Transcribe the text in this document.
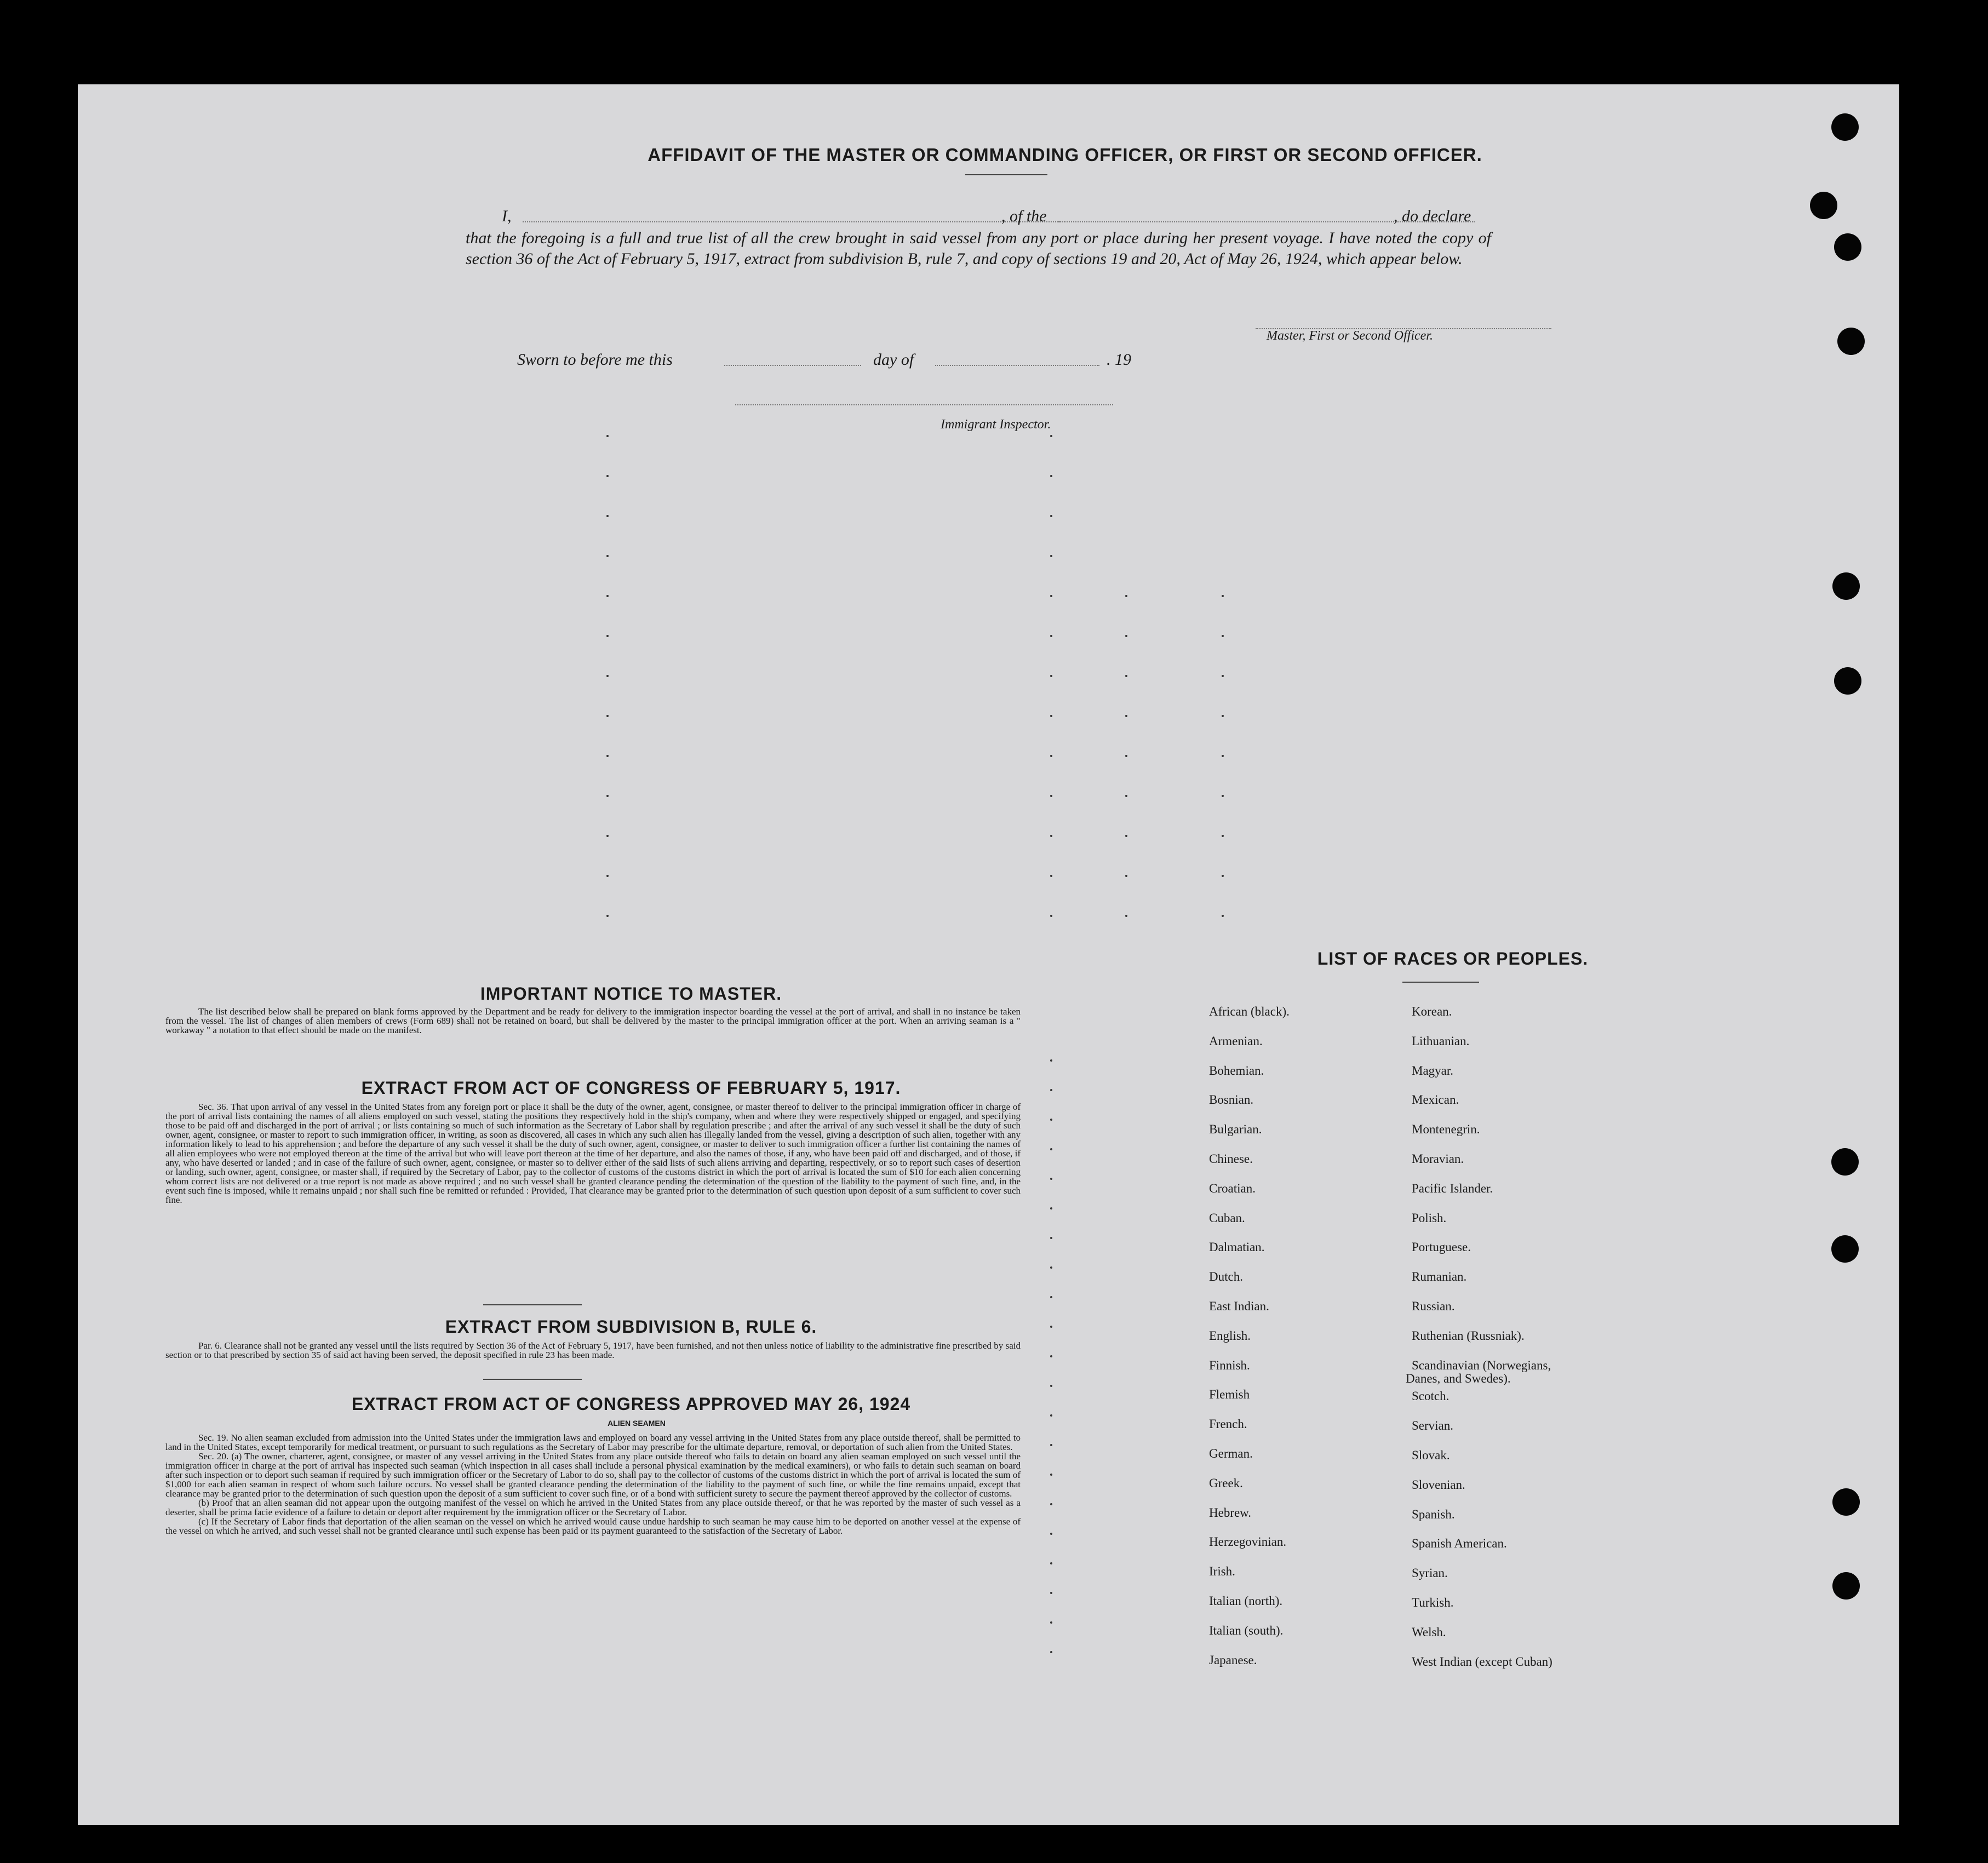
AFFIDAVIT OF THE MASTER OR COMMANDING OFFICER, OR FIRST OR SECOND OFFICER.
I,	, of the	, do declare
that the foregoing is a full and true list of all the crew brought in said vessel from any port or place during her present voyage. I have noted the copy of section 36 of the Act of February 5, 1917, extract from subdivision B, rule 7, and copy of sections 19 and 20, Act of May 26, 1924, which appear below.
Master, First or Second Officer.
Sworn to before me this	day of	. 19
Immigrant Inspector.
IMPORTANT NOTICE TO MASTER.
The list described below shall be prepared on blank forms approved by the Department and be ready for delivery to the immigration inspector boarding the vessel at the port of arrival, and shall in no instance be taken from the vessel. The list of changes of alien members of crews (Form 689) shall not be retained on board, but shall be delivered by the master to the principal immigration officer at the port. When an arriving seaman is a " workaway " a notation to that effect should be made on the manifest.
EXTRACT FROM ACT OF CONGRESS OF FEBRUARY 5, 1917.
Sec. 36. That upon arrival of any vessel in the United States from any foreign port or place it shall be the duty of the owner, agent, consignee, or master thereof to deliver to the principal immigration officer in charge of the port of arrival lists containing the names of all aliens employed on such vessel, stating the positions they respectively hold in the ship's company, when and where they were respectively shipped or engaged, and specifying those to be paid off and discharged in the port of arrival ; or lists containing so much of such information as the Secretary of Labor shall by regulation prescribe ; and after the arrival of any such vessel it shall be the duty of such owner, agent, consignee, or master to report to such immigration officer, in writing, as soon as discovered, all cases in which any such alien has illegally landed from the vessel, giving a description of such alien, together with any information likely to lead to his apprehension ; and before the departure of any such vessel it shall be the duty of such owner, agent, consignee, or master to deliver to such immigration officer a further list containing the names of all alien employees who were not employed thereon at the time of the arrival but who will leave port thereon at the time of her departure, and also the names of those, if any, who have been paid off and discharged, and of those, if any, who have deserted or landed ; and in case of the failure of such owner, agent, consignee, or master so to deliver either of the said lists of such aliens arriving and departing, respectively, or so to report such cases of desertion or landing, such owner, agent, consignee, or master shall, if required by the Secretary of Labor, pay to the collector of customs of the customs district in which the port of arrival is located the sum of $10 for each alien concerning whom correct lists are not delivered or a true report is not made as above required ; and no such vessel shall be granted clearance pending the determination of the question of the liability to the payment of such fine, and, in the event such fine is imposed, while it remains unpaid ; nor shall such fine be remitted or refunded : Provided, That clearance may be granted prior to the determination of such question upon deposit of a sum sufficient to cover such fine.
EXTRACT FROM SUBDIVISION B, RULE 6.
Par. 6. Clearance shall not be granted any vessel until the lists required by Section 36 of the Act of February 5, 1917, have been furnished, and not then unless notice of liability to the administrative fine prescribed by said section or to that prescribed by section 35 of said act having been served, the deposit specified in rule 23 has been made.
EXTRACT FROM ACT OF CONGRESS APPROVED MAY 26, 1924
ALIEN SEAMEN
Sec. 19. No alien seaman excluded from admission into the United States under the immigration laws and employed on board any vessel arriving in the United States from any place outside thereof, shall be permitted to land in the United States, except temporarily for medical treatment, or pursuant to such regulations as the Secretary of Labor may prescribe for the ultimate departure, removal, or deportation of such alien from the United States.
Sec. 20. (a) The owner, charterer, agent, consignee, or master of any vessel arriving in the United States from any place outside thereof who fails to detain on board any alien seaman employed on such vessel until the immigration officer in charge at the port of arrival has inspected such seaman (which inspection in all cases shall include a personal physical examination by the medical examiners), or who fails to detain such seaman on board after such inspection or to deport such seaman if required by such immigration officer or the Secretary of Labor to do so, shall pay to the collector of customs of the customs district in which the port of arrival is located the sum of $1,000 for each alien seaman in respect of whom such failure occurs. No vessel shall be granted clearance pending the determination of the liability to the payment of such fine, or while the fine remains unpaid, except that clearance may be granted prior to the determination of such question upon the deposit of a sum sufficient to cover such fine, or of a bond with sufficient surety to secure the payment thereof approved by the collector of customs.
(b) Proof that an alien seaman did not appear upon the outgoing manifest of the vessel on which he arrived in the United States from any place outside thereof, or that he was reported by the master of such vessel as a deserter, shall be prima facie evidence of a failure to detain or deport after requirement by the immigration officer or the Secretary of Labor.
(c) If the Secretary of Labor finds that deportation of the alien seaman on the vessel on which he arrived would cause undue hardship to such seaman he may cause him to be deported on another vessel at the expense of the vessel on which he arrived, and such vessel shall not be granted clearance until such expense has been paid or its payment guaranteed to the satisfaction of the Secretary of Labor.
LIST OF RACES OR PEOPLES.
Danes, and Swedes).
African (black).
Armenian.
Bohemian.
Bosnian.
Bulgarian.
Chinese.
Croatian.
Cuban.
Dalmatian.
Dutch.
East Indian.
English.
Finnish.
Flemish
French.
German.
Greek.
Hebrew.
Herzegovinian.
Irish.
Italian (north).
Italian (south).
Japanese.
Korean.
Lithuanian.
Magyar.
Mexican.
Montenegrin.
Moravian.
Pacific Islander.
Polish.
Portuguese.
Rumanian.
Russian.
Ruthenian (Russniak).
Scandinavian (Norwegians,
Scotch.
Servian.
Slovak.
Slovenian.
Spanish.
Spanish American.
Syrian.
Turkish.
Welsh.
West Indian (except Cuban)
